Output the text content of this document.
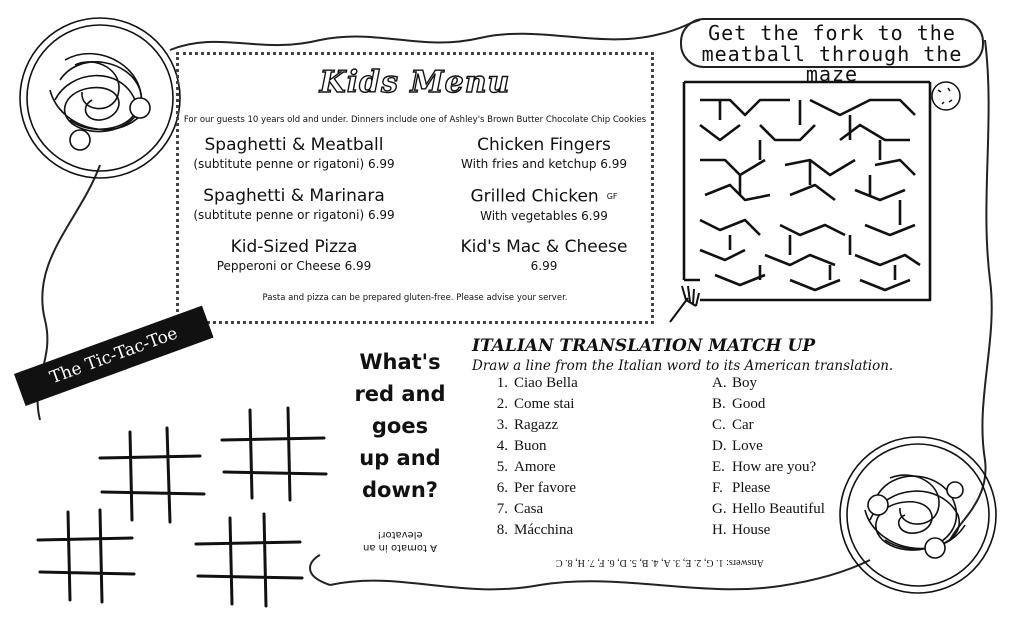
Kids Menu
For our guests 10 years old and under. Dinners include one of Ashley's Brown Butter Chocolate Chip Cookies
Spaghetti & Meatball
(subtitute penne or rigatoni) 6.99
Chicken Fingers
With fries and ketchup 6.99
Spaghetti & Marinara
(subtitute penne or rigatoni) 6.99
Grilled Chicken GF
With vegetables 6.99
Kid-Sized Pizza
Pepperoni or Cheese 6.99
Kid's Mac & Cheese
6.99
Pasta and pizza can be prepared gluten-free. Please advise your server.
Get the fork to the
meatball through the maze
The Tic-Tac-Toe Corner
What's
red and
goes
up and
down?
A tomato in an
elevator!
ITALIAN TRANSLATION MATCH UP
Draw a line from the Italian word to its American translation.
1. Ciao Bella
2. Come stai
3. Ragazz
4. Buon
5. Amore
6. Per favore
7. Casa
8. Mácchina
A. Boy
B. Good
C. Car
D. Love
E. How are you?
F. Please
G. Hello Beautiful
H. House
Answers: 1. G, 2. E, 3. A, 4. B, 5. D, 6. F, 7. H, 8. C
